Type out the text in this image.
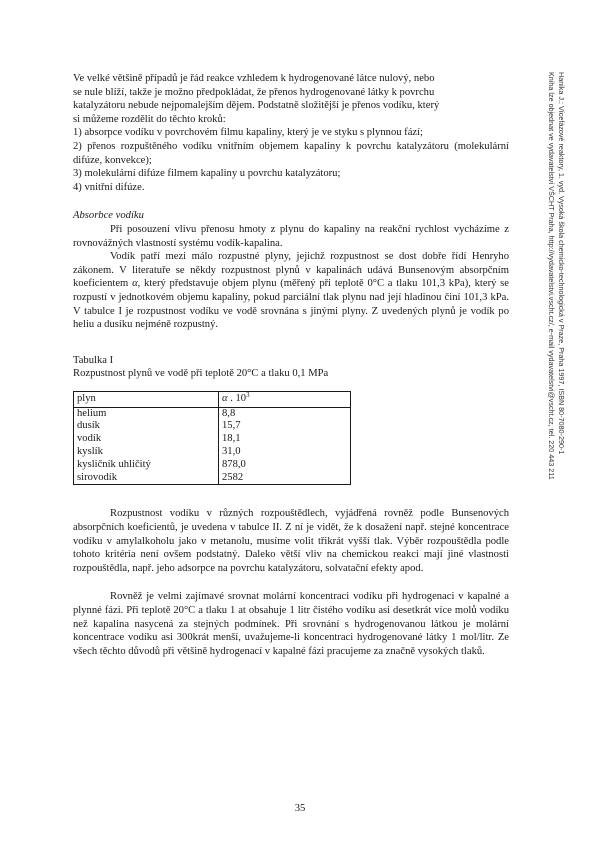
Ve velké většině případů je řád reakce vzhledem k hydrogenované látce nulový, nebo

se nule blíží, takže je možno předpokládat, že přenos hydrogenované látky k povrchu

katalyzátoru nebude nejpomalejším dějem. Podstatně složitější je přenos vodíku, který

si můžeme rozdělit do těchto kroků:

1) absorpce vodíku v povrchovém filmu kapaliny, který je ve styku s plynnou fází;

2) přenos rozpuštěného vodíku vnitřním objemem kapaliny k povrchu katalyzátoru (molekulární difúze, konvekce);

3) molekulární difúze filmem kapaliny u povrchu katalyzátoru;

4) vnitřní difúze.

Absorbce vodíku

Při posouzení vlivu přenosu hmoty z plynu do kapaliny na reakční rychlost vycházíme z rovnovážných vlastností systému vodík-kapalina.

Vodík patří mezi málo rozpustné plyny, jejichž rozpustnost se dost dobře řídí Henryho zákonem. V literatuře se někdy rozpustnost plynů v kapalinách udává Bunsenovým absorpčním koeficientem α, který představuje objem plynu (měřený při teplotě 0°C a tlaku 101,3 kPa), který se rozpustí v jednotkovém objemu kapaliny, pokud parciální tlak plynu nad její hladinou činí 101,3 kPa. V tabulce I je rozpustnost vodíku ve vodě srovnána s jinými plyny. Z uvedených plynů je vodík po heliu a dusíku nejméně rozpustný.

Tabulka I

Rozpustnost plynů ve vodě při teplotě 20°C a tlaku 0,1 MPa

plyn	α . $10^3$
helium	8,8
dusík	15,7
vodík	18,1
kyslík	31,0
kysličník uhličitý	878,0
sirovodík	2582

Rozpustnost vodíku v různých rozpouštědlech, vyjádřená rovněž podle Bunsenových absorpčních koeficientů, je uvedena v tabulce II. Z ní je vidět, že k dosažení např. stejné koncentrace vodíku v amylalkoholu jako v metanolu, musíme volit třikrát vyšší tlak. Výběr rozpouštědla podle tohoto kritéria není ovšem podstatný. Daleko větší vliv na chemickou reakci mají jiné vlastnosti rozpouštědla, např. jeho adsorpce na povrchu katalyzátoru, solvatační efekty apod.

Rovněž je velmi zajímavé srovnat molární koncentraci vodíku při hydrogenaci v kapalné a plynné fázi. Při teplotě 20°C a tlaku 1 at obsahuje 1 litr čistého vodíku asi desetkrát více molů vodíku než kapalina nasycená za stejných podmínek. Při srovnání s hydrogenovanou látkou je molární koncentrace vodíku asi 300krát menší, uvažujeme-li koncentraci hydrogenované látky 1 mol/litr. Ze všech těchto důvodů při většině hydrogenací v kapalné fázi pracujeme za značně vysokých tlaků.

Hanika J.: Vícefázové reaktory, 1. vyd. Vysoká škola chemicko-technologická v Praze, Praha 1997, ISBN 80-7080-290-1
Kniha lze objednat ve vydavatelství VŠCHT Praha, http://vydavatelstvi.vscht.cz/, e-mail vydavatelstvi@vscht.cz, tel. 220 443 211
35
